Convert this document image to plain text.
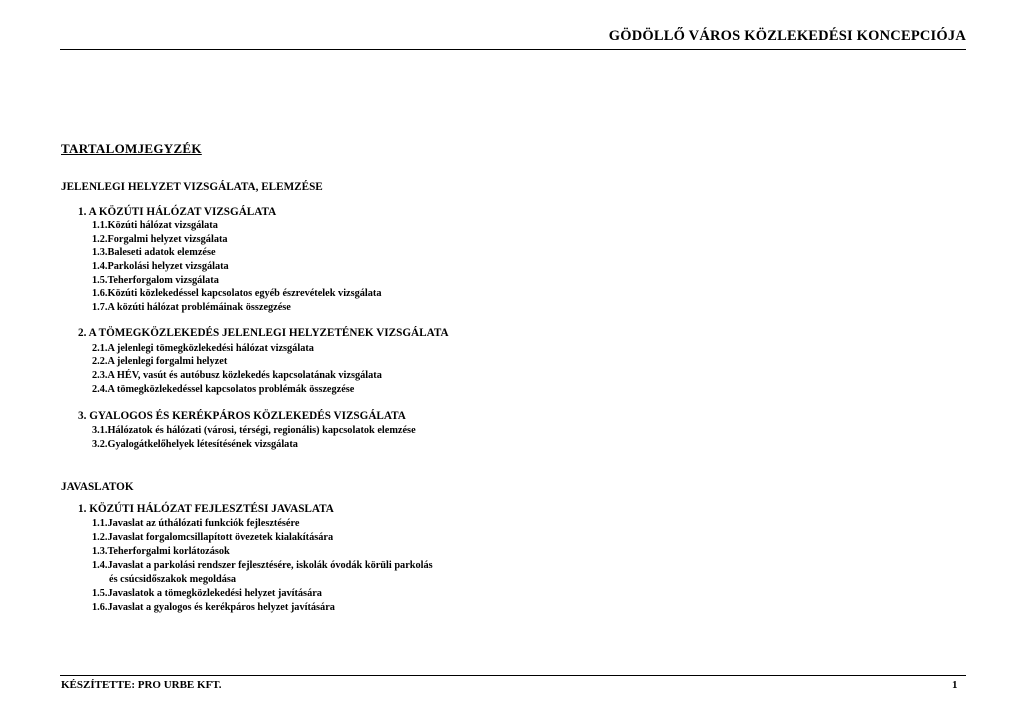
GÖDÖLLŐ VÁROS KÖZLEKEDÉSI KONCEPCIÓJA
TARTALOMJEGYZÉK
JELENLEGI HELYZET VIZSGÁLATA, ELEMZÉSE
1. A KÖZÚTI HÁLÓZAT VIZSGÁLATA
1.1.Közúti hálózat vizsgálata
1.2.Forgalmi helyzet vizsgálata
1.3.Baleseti adatok elemzése
1.4.Parkolási helyzet vizsgálata
1.5.Teherforgalom vizsgálata
1.6.Közúti közlekedéssel kapcsolatos egyéb észrevételek vizsgálata
1.7.A közúti hálózat problémáinak összegzése
2. A TÖMEGKÖZLEKEDÉS JELENLEGI HELYZETÉNEK VIZSGÁLATA
2.1.A jelenlegi tömegközlekedési hálózat vizsgálata
2.2.A jelenlegi forgalmi helyzet
2.3.A HÉV, vasút és autóbusz közlekedés kapcsolatának vizsgálata
2.4.A tömegközlekedéssel kapcsolatos problémák összegzése
3. GYALOGOS ÉS KERÉKPÁROS KÖZLEKEDÉS VIZSGÁLATA
3.1.Hálózatok és hálózati (városi, térségi, regionális) kapcsolatok elemzése
3.2.Gyalogátkelőhelyek létesítésének vizsgálata
JAVASLATOK
1. KÖZÚTI HÁLÓZAT FEJLESZTÉSI JAVASLATA
1.1.Javaslat az úthálózati funkciók fejlesztésére
1.2.Javaslat forgalomcsillapított övezetek kialakítására
1.3.Teherforgalmi korlátozások
1.4.Javaslat a parkolási rendszer fejlesztésére, iskolák óvodák körüli parkolás
és csúcsidőszakok megoldása
1.5.Javaslatok a tömegközlekedési helyzet javítására
1.6.Javaslat a gyalogos és kerékpáros helyzet javítására
KÉSZÍTETTE: PRO URBE KFT.	1
